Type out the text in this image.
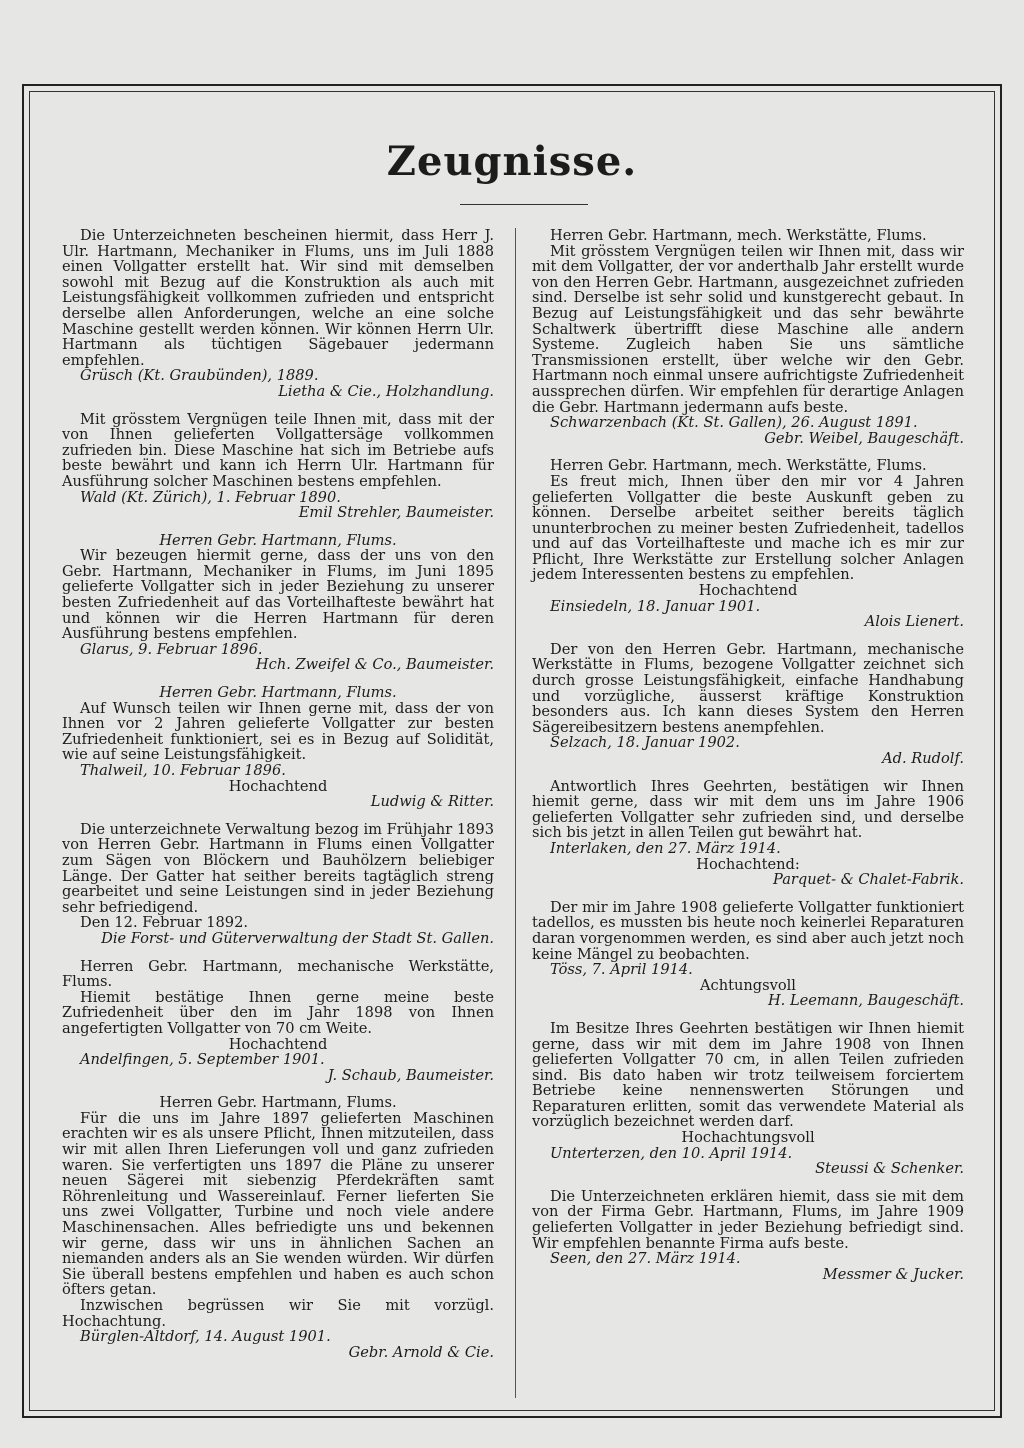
Zeugnisse.

Die Unterzeichneten bescheinen hiermit, dass Herr J. Ulr. Hartmann, Mechaniker in Flums, uns im Juli 1888 einen Vollgatter erstellt hat. Wir sind mit demselben sowohl mit Bezug auf die Konstruktion als auch mit Leistungsfähigkeit vollkommen zufrieden und entspricht derselbe allen Anforderungen, welche an eine solche Maschine gestellt werden können. Wir können Herrn Ulr. Hartmann als tüchtigen Sägebauer jedermann empfehlen.

Grüsch (Kt. Graubünden), 1889.

Lietha & Cie., Holzhandlung.

Mit grösstem Vergnügen teile Ihnen mit, dass mit der von Ihnen gelieferten Vollgattersäge vollkommen zufrieden bin. Diese Maschine hat sich im Betriebe aufs beste bewährt und kann ich Herrn Ulr. Hartmann für Ausführung solcher Maschinen bestens empfehlen.

Wald (Kt. Zürich), 1. Februar 1890.

Emil Strehler, Baumeister.

Herren Gebr. Hartmann, Flums.

Wir bezeugen hiermit gerne, dass der uns von den Gebr. Hartmann, Mechaniker in Flums, im Juni 1895 gelieferte Vollgatter sich in jeder Beziehung zu unserer besten Zufriedenheit auf das Vorteilhafteste bewährt hat und können wir die Herren Hartmann für deren Ausführung bestens empfehlen.

Glarus, 9. Februar 1896.

Hch. Zweifel & Co., Baumeister.

Herren Gebr. Hartmann, Flums.

Auf Wunsch teilen wir Ihnen gerne mit, dass der von Ihnen vor 2 Jahren gelieferte Vollgatter zur besten Zufriedenheit funktioniert, sei es in Bezug auf Solidität, wie auf seine Leistungsfähigkeit.

Thalweil, 10. Februar 1896.

Hochachtend

Ludwig & Ritter.

Die unterzeichnete Verwaltung bezog im Frühjahr 1893 von Herren Gebr. Hartmann in Flums einen Vollgatter zum Sägen von Blöckern und Bauhölzern beliebiger Länge. Der Gatter hat seither bereits tagtäglich streng gearbeitet und seine Leistungen sind in jeder Beziehung sehr befriedigend.

Den 12. Februar 1892.

Die Forst- und Güterverwaltung der Stadt St. Gallen.

Herren Gebr. Hartmann, mechanische Werkstätte, Flums.

Hiemit bestätige Ihnen gerne meine beste Zufriedenheit über den im Jahr 1898 von Ihnen angefertigten Vollgatter von 70 cm Weite.

Hochachtend

Andelfingen, 5. September 1901.

J. Schaub, Baumeister.

Herren Gebr. Hartmann, Flums.

Für die uns im Jahre 1897 gelieferten Maschinen erachten wir es als unsere Pflicht, Ihnen mitzuteilen, dass wir mit allen Ihren Lieferungen voll und ganz zufrieden waren. Sie verfertigten uns 1897 die Pläne zu unserer neuen Sägerei mit siebenzig Pferdekräften samt Röhrenleitung und Wassereinlauf. Ferner lieferten Sie uns zwei Vollgatter, Turbine und noch viele andere Maschinensachen. Alles befriedigte uns und bekennen wir gerne, dass wir uns in ähnlichen Sachen an niemanden anders als an Sie wenden würden. Wir dürfen Sie überall bestens empfehlen und haben es auch schon öfters getan.

Inzwischen begrüssen wir Sie mit vorzügl. Hochachtung.

Bürglen-Altdorf, 14. August 1901.

Gebr. Arnold & Cie.

Herren Gebr. Hartmann, mech. Werkstätte, Flums.

Mit grösstem Vergnügen teilen wir Ihnen mit, dass wir mit dem Vollgatter, der vor anderthalb Jahr erstellt wurde von den Herren Gebr. Hartmann, ausgezeichnet zufrieden sind. Derselbe ist sehr solid und kunstgerecht gebaut. In Bezug auf Leistungsfähigkeit und das sehr bewährte Schaltwerk übertrifft diese Maschine alle andern Systeme. Zugleich haben Sie uns sämtliche Transmissionen erstellt, über welche wir den Gebr. Hartmann noch einmal unsere aufrichtigste Zufriedenheit aussprechen dürfen. Wir empfehlen für derartige Anlagen die Gebr. Hartmann jedermann aufs beste.

Schwarzenbach (Kt. St. Gallen), 26. August 1891.

Gebr. Weibel, Baugeschäft.

Herren Gebr. Hartmann, mech. Werkstätte, Flums.

Es freut mich, Ihnen über den mir vor 4 Jahren gelieferten Vollgatter die beste Auskunft geben zu können. Derselbe arbeitet seither bereits täglich ununterbrochen zu meiner besten Zufriedenheit, tadellos und auf das Vorteilhafteste und mache ich es mir zur Pflicht, Ihre Werkstätte zur Erstellung solcher Anlagen jedem Interessenten bestens zu empfehlen.

Hochachtend

Einsiedeln, 18. Januar 1901.

Alois Lienert.

Der von den Herren Gebr. Hartmann, mechanische Werkstätte in Flums, bezogene Vollgatter zeichnet sich durch grosse Leistungsfähigkeit, einfache Handhabung und vorzügliche, äusserst kräftige Konstruktion besonders aus. Ich kann dieses System den Herren Sägereibesitzern bestens anempfehlen.

Selzach, 18. Januar 1902.

Ad. Rudolf.

Antwortlich Ihres Geehrten, bestätigen wir Ihnen hiemit gerne, dass wir mit dem uns im Jahre 1906 gelieferten Vollgatter sehr zufrieden sind, und derselbe sich bis jetzt in allen Teilen gut bewährt hat.

Interlaken, den 27. März 1914.

Hochachtend:

Parquet- & Chalet-Fabrik.

Der mir im Jahre 1908 gelieferte Vollgatter funktioniert tadellos, es mussten bis heute noch keinerlei Reparaturen daran vorgenommen werden, es sind aber auch jetzt noch keine Mängel zu beobachten.

Töss, 7. April 1914.

Achtungsvoll

H. Leemann, Baugeschäft.

Im Besitze Ihres Geehrten bestätigen wir Ihnen hiemit gerne, dass wir mit dem im Jahre 1908 von Ihnen gelieferten Vollgatter 70 cm, in allen Teilen zufrieden sind. Bis dato haben wir trotz teilweisem forciertem Betriebe keine nennenswerten Störungen und Reparaturen erlitten, somit das verwendete Material als vorzüglich bezeichnet werden darf.

Hochachtungsvoll

Unterterzen, den 10. April 1914.

Steussi & Schenker.

Die Unterzeichneten erklären hiemit, dass sie mit dem von der Firma Gebr. Hartmann, Flums, im Jahre 1909 gelieferten Vollgatter in jeder Beziehung befriedigt sind. Wir empfehlen benannte Firma aufs beste.

Seen, den 27. März 1914.

Messmer & Jucker.
